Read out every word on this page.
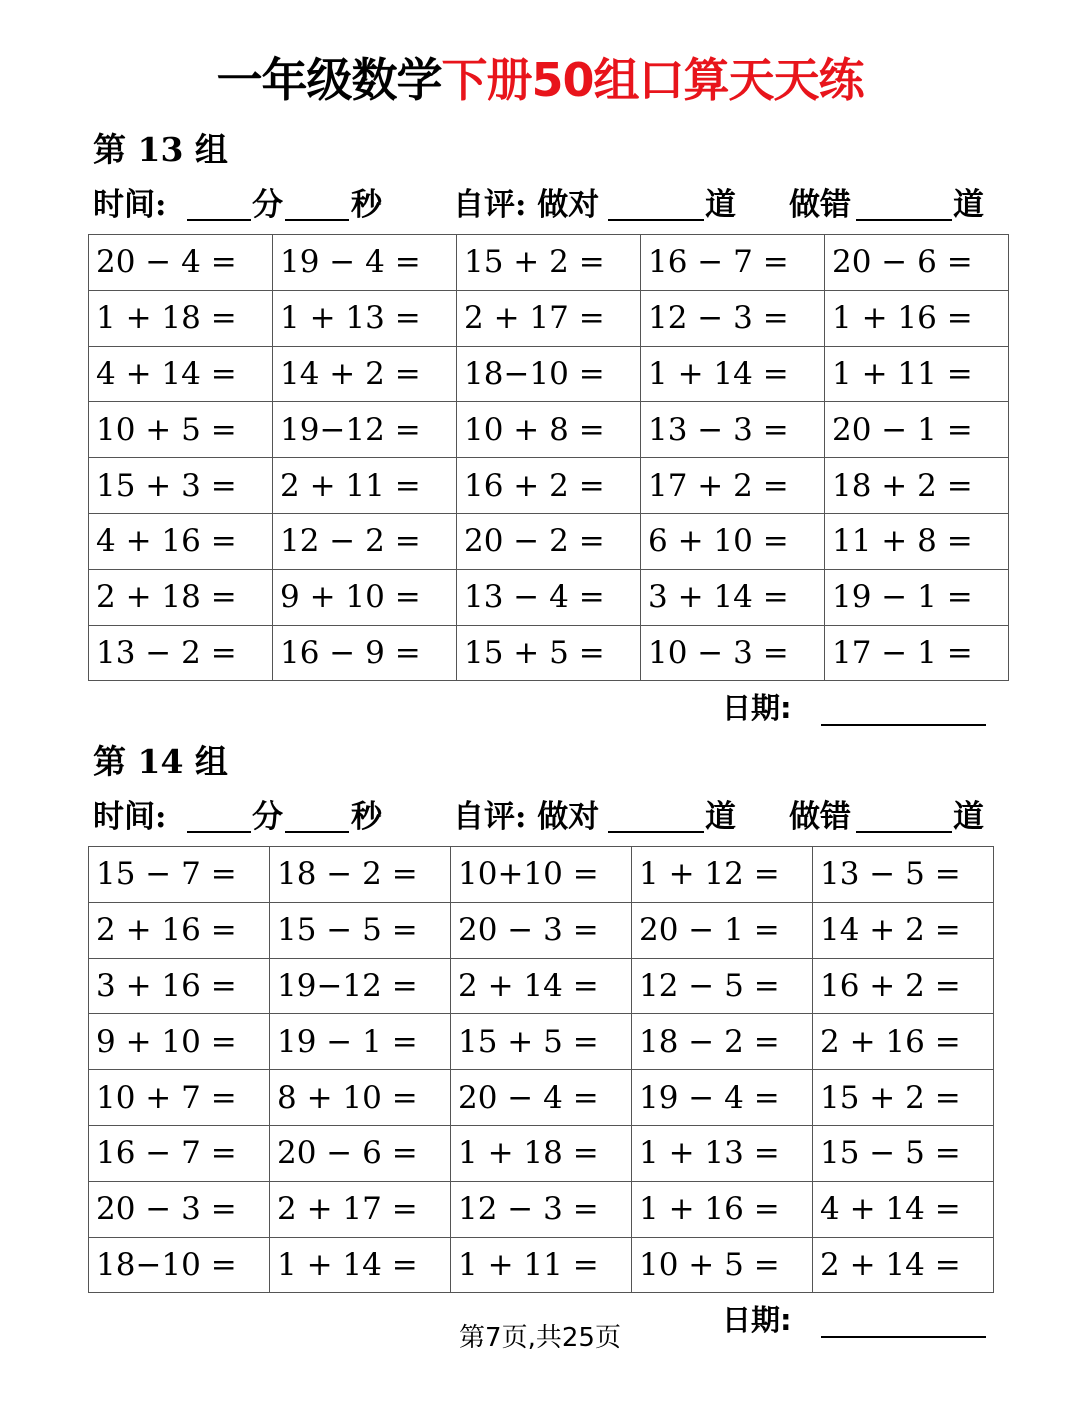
一年级数学下册50组口算天天练
第 13 组
时间:	分 秒 自评: 做对	道 做错	道
20 − 4 =	19 − 4 =	15 + 2 =	16 − 7 =	20 − 6 =
1 + 18 =	1 + 13 =	2 + 17 =	12 − 3 =	1 + 16 =
4 + 14 =	14 + 2 =	18−10 =	1 + 14 =	1 + 11 =
10 + 5 =	19−12 =	10 + 8 =	13 − 3 =	20 − 1 =
15 + 3 =	2 + 11 =	16 + 2 =	17 + 2 =	18 + 2 =
4 + 16 =	12 − 2 =	20 − 2 =	6 + 10 =	11 + 8 =
2 + 18 =	9 + 10 =	13 − 4 =	3 + 14 =	19 − 1 =
13 − 2 =	16 − 9 =	15 + 5 =	10 − 3 =	17 − 1 =
日期:
第 14 组
时间:	分 秒 自评: 做对	道 做错	道
15 − 7 =	18 − 2 =	10+10 =	1 + 12 =	13 − 5 =
2 + 16 =	15 − 5 =	20 − 3 =	20 − 1 =	14 + 2 =
3 + 16 =	19−12 =	2 + 14 =	12 − 5 =	16 + 2 =
9 + 10 =	19 − 1 =	15 + 5 =	18 − 2 =	2 + 16 =
10 + 7 =	8 + 10 =	20 − 4 =	19 − 4 =	15 + 2 =
16 − 7 =	20 − 6 =	1 + 18 =	1 + 13 =	15 − 5 =
20 − 3 =	2 + 17 =	12 − 3 =	1 + 16 =	4 + 14 =
18−10 =	1 + 14 =	1 + 11 =	10 + 5 =	2 + 14 =
日期:
第7页,共25页
